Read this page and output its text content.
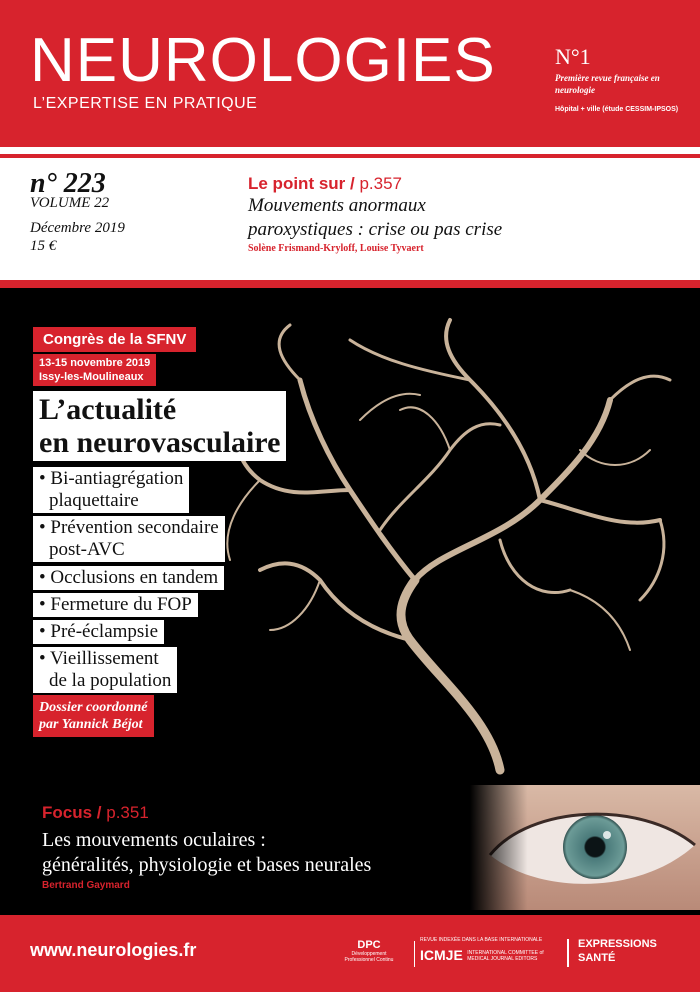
NEUROLOGIES
L’EXPERTISE EN PRATIQUE
N°1
Première revue française en neurologie
Hôpital + ville (étude CESSIM-IPSOS)
n° 223
VOLUME 22
Décembre 2019
15 €
Le point sur / p.357
Mouvements anormaux
paroxystiques : crise ou pas crise
Solène Frismand-Kryloff, Louise Tyvaert
Congrès de la SFNV
13-15 novembre 2019
Issy-les-Moulineaux
L’actualité
en neurovasculaire
• Bi-antiagrégation
plaquettaire
• Prévention secondaire
post-AVC
• Occlusions en tandem
• Fermeture du FOP
• Pré-éclampsie
• Vieillissement
de la population
Dossier coordonné
par Yannick Béjot
Focus / p.351
Les mouvements oculaires :
généralités, physiologie et bases neurales
Bertrand Gaymard
www.neurologies.fr	DPC
Développement Professionnel Continu
REVUE INDEXÉE DANS LA BASE INTERNATIONALE
ICMJE INTERNATIONAL COMMITTEE of MEDICAL JOURNAL EDITORS
EXPRESSIONS
SANTÉ
